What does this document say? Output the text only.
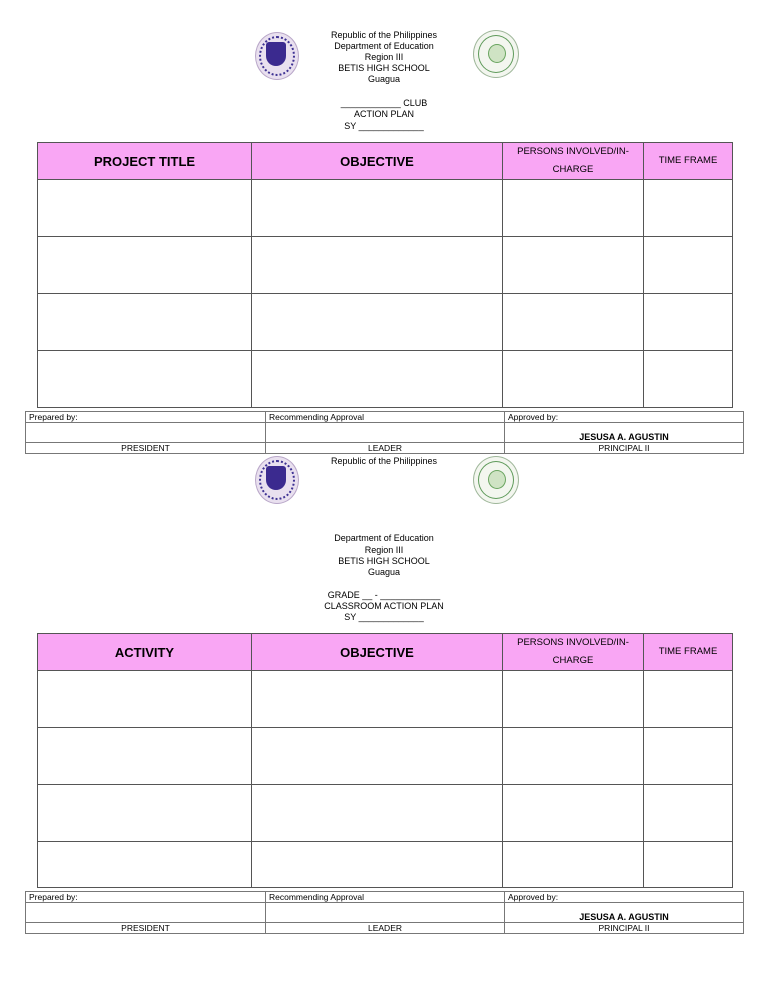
Republic of the Philippines
Department of Education
Region III
BETIS HIGH SCHOOL
Guagua
____________ CLUB
ACTION PLAN
SY _____________
PROJECT TITLE	OBJECTIVE	PERSONS INVOLVED/IN-CHARGE	TIME FRAME

Prepared by:	Recommending Approval	Approved by:
		JESUSA A. AGUSTIN
PRESIDENT	LEADER	PRINCIPAL II
Republic of the Philippines
Department of Education
Region III
BETIS HIGH SCHOOL
Guagua
GRADE __ - ____________
CLASSROOM ACTION PLAN
SY _____________
ACTIVITY	OBJECTIVE	PERSONS INVOLVED/IN-CHARGE	TIME FRAME

Prepared by:	Recommending Approval	Approved by:
		JESUSA A. AGUSTIN
PRESIDENT	LEADER	PRINCIPAL II
